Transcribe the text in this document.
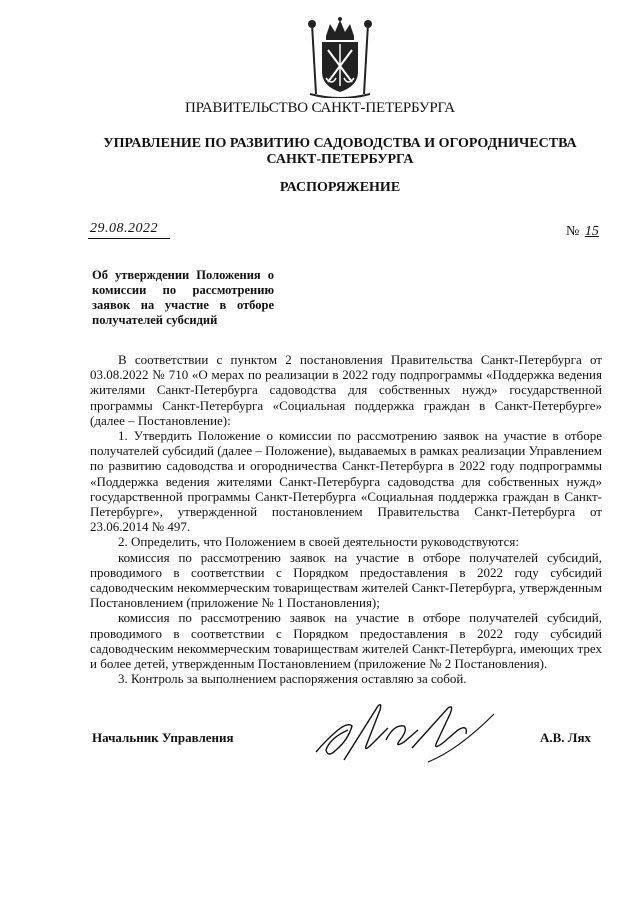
ПРАВИТЕЛЬСТВО САНКТ-ПЕТЕРБУРГА
УПРАВЛЕНИЕ ПО РАЗВИТИЮ САДОВОДСТВА И ОГОРОДНИЧЕСТВА
САНКТ-ПЕТЕРБУРГА
РАСПОРЯЖЕНИЕ
29.08.2022	№ 15
Об утверждении Положения о комиссии по рассмотрению заявок на участие в отборе получателей субсидий

В соответствии с пунктом 2 постановления Правительства Санкт-Петербурга от 03.08.2022 № 710 «О мерах по реализации в 2022 году подпрограммы «Поддержка ведения жителями Санкт-Петербурга садоводства для собственных нужд» государственной программы Санкт-Петербурга «Социальная поддержка граждан в Санкт-Петербурге» (далее – Постановление):

1. Утвердить Положение о комиссии по рассмотрению заявок на участие в отборе получателей субсидий (далее – Положение), выдаваемых в рамках реализации Управлением по развитию садоводства и огородничества Санкт-Петербурга в 2022 году подпрограммы «Поддержка ведения жителями Санкт-Петербурга садоводства для собственных нужд» государственной программы Санкт-Петербурга «Социальная поддержка граждан в Санкт-Петербурге», утвержденной постановлением Правительства Санкт-Петербурга от 23.06.2014 № 497.

2. Определить, что Положением в своей деятельности руководствуются:

комиссия по рассмотрению заявок на участие в отборе получателей субсидий, проводимого в соответствии с Порядком предоставления в 2022 году субсидий садоводческим некоммерческим товариществам жителей Санкт-Петербурга, утвержденным Постановлением (приложение № 1 Постановления);

комиссия по рассмотрению заявок на участие в отборе получателей субсидий, проводимого в соответствии с Порядком предоставления в 2022 году субсидий садоводческим некоммерческим товариществам жителей Санкт-Петербурга, имеющих трех и более детей, утвержденным Постановлением (приложение № 2 Постановления).

3. Контроль за выполнением распоряжения оставляю за собой.

Начальник Управления	А.В. Лях
